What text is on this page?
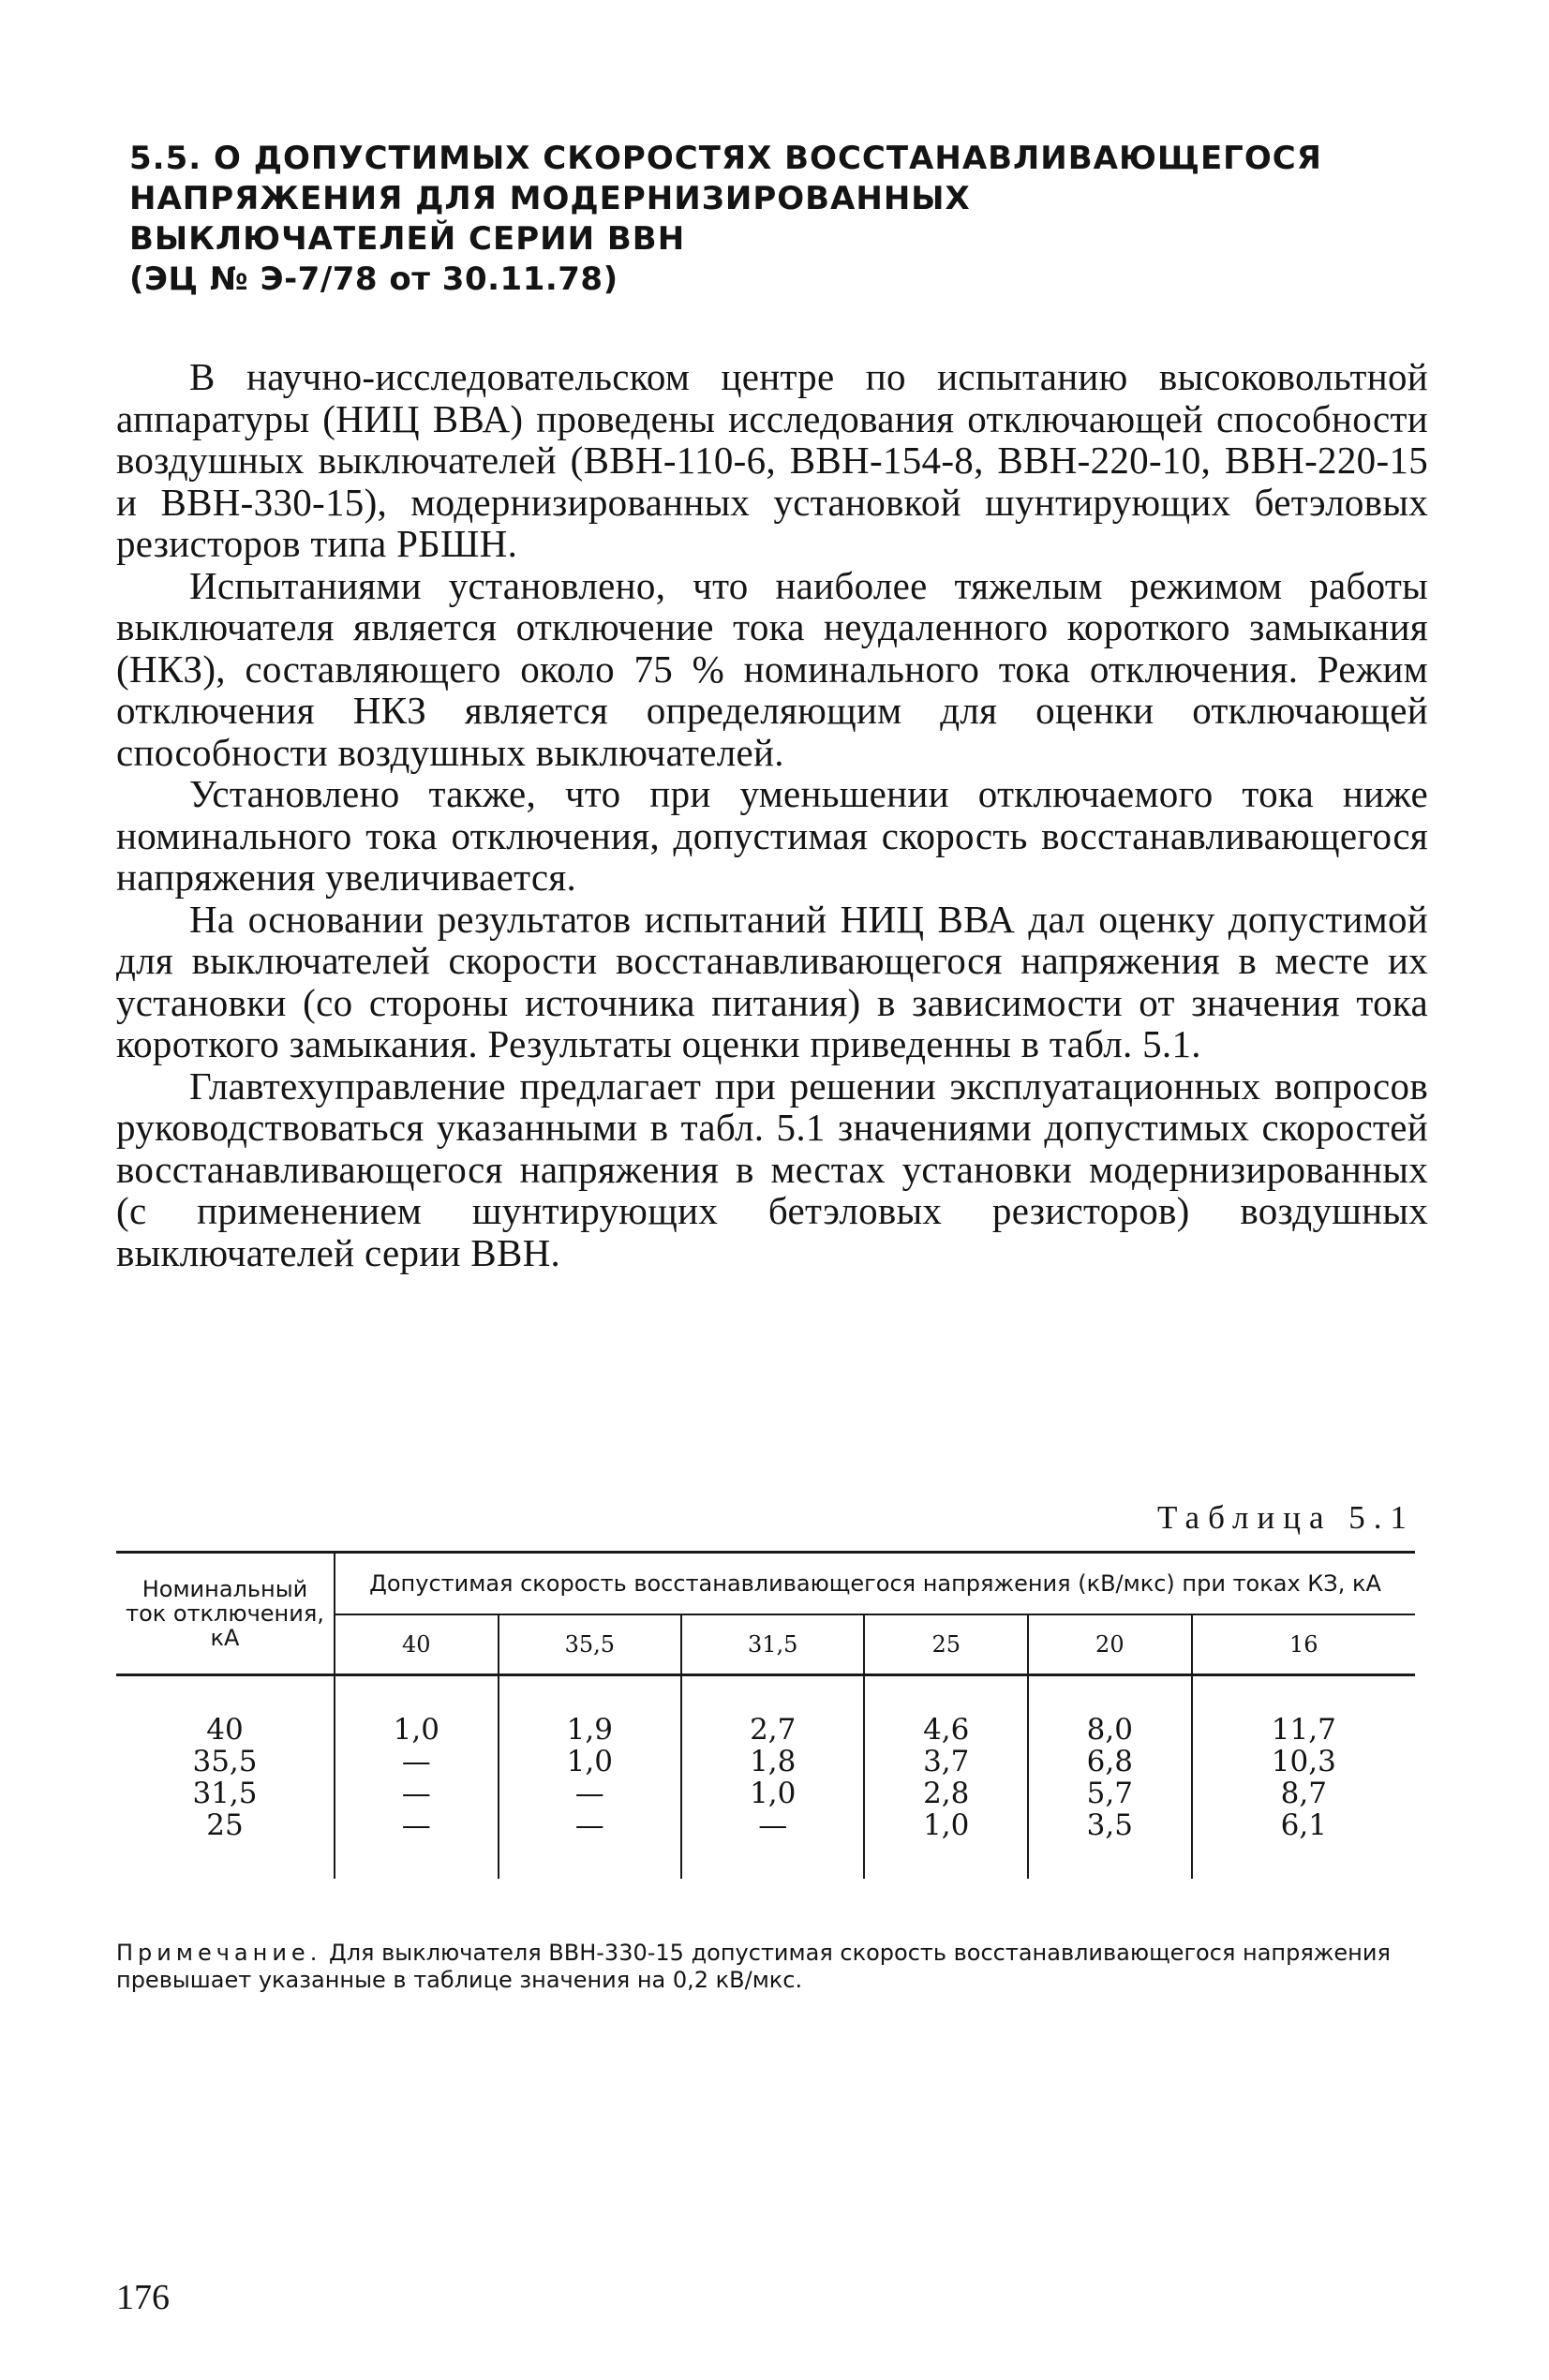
5.5. О ДОПУСТИМЫХ СКОРОСТЯХ ВОССТАНАВЛИВАЮЩЕГОСЯ
НАПРЯЖЕНИЯ ДЛЯ МОДЕРНИЗИРОВАННЫХ
ВЫКЛЮЧАТЕЛЕЙ СЕРИИ ВВН
(ЭЦ № Э-7/78 от 30.11.78)

В научно-исследовательском центре по испытанию высоковольтной аппаратуры (НИЦ ВВА) проведены исследования отключающей способности воздушных выключателей (ВВН-110-6, ВВН-154-8, ВВН-220-10, ВВН-220-15 и ВВН-330-15), модернизированных установкой шунтирующих бетэловых резисторов типа РБШН.

Испытаниями установлено, что наиболее тяжелым режимом работы выключателя является отключение тока неудаленного короткого замыкания (НКЗ), составляющего около 75 % номинального тока отключения. Режим отключения НКЗ является определяющим для оценки отключающей способности воздушных выключателей.

Установлено также, что при уменьшении отключаемого тока ниже номинального тока отключения, допустимая скорость восстанавливающегося напряжения увеличивается.

На основании результатов испытаний НИЦ ВВА дал оценку допустимой для выключателей скорости восстанавливающегося напряжения в месте их установки (со стороны источника питания) в зависимости от значения тока короткого замыкания. Результаты оценки приведенны в табл. 5.1.

Главтехуправление предлагает при решении эксплуатационных вопросов руководствоваться указанными в табл. 5.1 значениями допустимых скоростей восстанавливающегося напряжения в местах установки модернизированных (с применением шунтирующих бетэловых резисторов) воздушных выключателей серии ВВН.

Таблица 5.1
Номинальный ток отключения, кА	Допустимая скорость восстанавливающегося напряжения (кВ/мкс) при токах КЗ, кА					
	40	35,5	31,5	25	20	16
40	1,0	1,9	2,7	4,6	8,0	11,7
35,5	—	1,0	1,8	3,7	6,8	10,3
31,5	—	—	1,0	2,8	5,7	8,7
25	—	—	—	1,0	3,5	6,1
Примечание. Для выключателя ВВН-330-15 допустимая скорость восстанавливающегося напряжения превышает указанные в таблице значения на 0,2 кВ/мкс.
176
